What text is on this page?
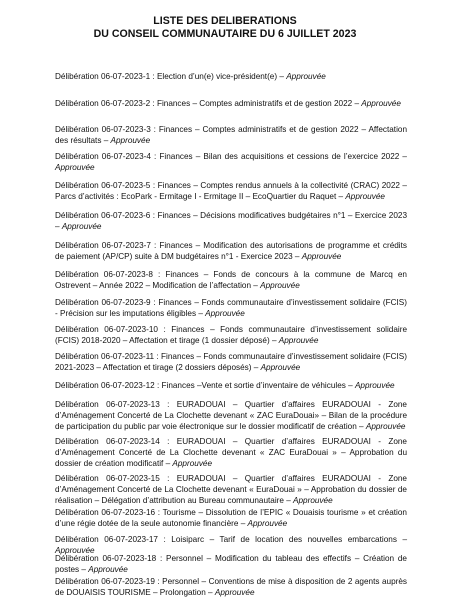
LISTE DES DELIBERATIONS
DU CONSEIL COMMUNAUTAIRE DU 6 JUILLET 2023

Délibération 06-07-2023-1 : Election d’un(e) vice-président(e) – Approuvée

Délibération 06-07-2023-2 : Finances – Comptes administratifs et de gestion 2022 – Approuvée

Délibération 06-07-2023-3 : Finances – Comptes administratifs et de gestion 2022 – Affectation des résultats – Approuvée

Délibération 06-07-2023-4 : Finances – Bilan des acquisitions et cessions de l’exercice 2022 – Approuvée

Délibération 06-07-2023-5 : Finances – Comptes rendus annuels à la collectivité (CRAC) 2022 – Parcs d’activités : EcoPark - Ermitage I - Ermitage II – EcoQuartier du Raquet – Approuvée

Délibération 06-07-2023-6 : Finances – Décisions modificatives budgétaires n°1 – Exercice 2023 – Approuvée

Délibération 06-07-2023-7 : Finances – Modification des autorisations de programme et crédits de paiement (AP/CP) suite à DM budgétaires n°1 - Exercice 2023 – Approuvée

Délibération 06-07-2023-8 : Finances – Fonds de concours à la commune de Marcq en Ostrevent – Année 2022 – Modification de l’affectation – Approuvée

Délibération 06-07-2023-9 : Finances – Fonds communautaire d’investissement solidaire (FCIS) - Précision sur les imputations éligibles – Approuvée

Délibération 06-07-2023-10 : Finances – Fonds communautaire d’investissement solidaire (FCIS) 2018-2020 – Affectation et tirage (1 dossier déposé) – Approuvée

Délibération 06-07-2023-11 : Finances – Fonds communautaire d’investissement solidaire (FCIS) 2021-2023 – Affectation et tirage (2 dossiers déposés) – Approuvée

Délibération 06-07-2023-12 : Finances –Vente et sortie d’inventaire de véhicules – Approuvée

Délibération 06-07-2023-13 : EURADOUAI – Quartier d’affaires EURADOUAI - Zone d’Aménagement Concerté de La Clochette devenant « ZAC EuraDouai» – Bilan de la procédure de participation du public par voie électronique sur le dossier modificatif de création – Approuvée

Délibération 06-07-2023-14 : EURADOUAI – Quartier d’affaires EURADOUAI - Zone d’Aménagement Concerté de La Clochette devenant « ZAC EuraDouai » – Approbation du dossier de création modificatif – Approuvée

Délibération 06-07-2023-15 : EURADOUAI – Quartier d’affaires EURADOUAI - Zone d’Aménagement Concerté de La Clochette devenant « EuraDouai » – Approbation du dossier de réalisation – Délégation d’attribution au Bureau communautaire – Approuvée

Délibération 06-07-2023-16 : Tourisme – Dissolution de l’EPIC « Douaisis tourisme » et création d’une régie dotée de la seule autonomie financière – Approuvée

Délibération 06-07-2023-17 : Loisiparc – Tarif de location des nouvelles embarcations – Approuvée

Délibération 06-07-2023-18 : Personnel – Modification du tableau des effectifs – Création de postes – Approuvée

Délibération 06-07-2023-19 : Personnel – Conventions de mise à disposition de 2 agents auprès de DOUAISIS TOURISME – Prolongation – Approuvée
